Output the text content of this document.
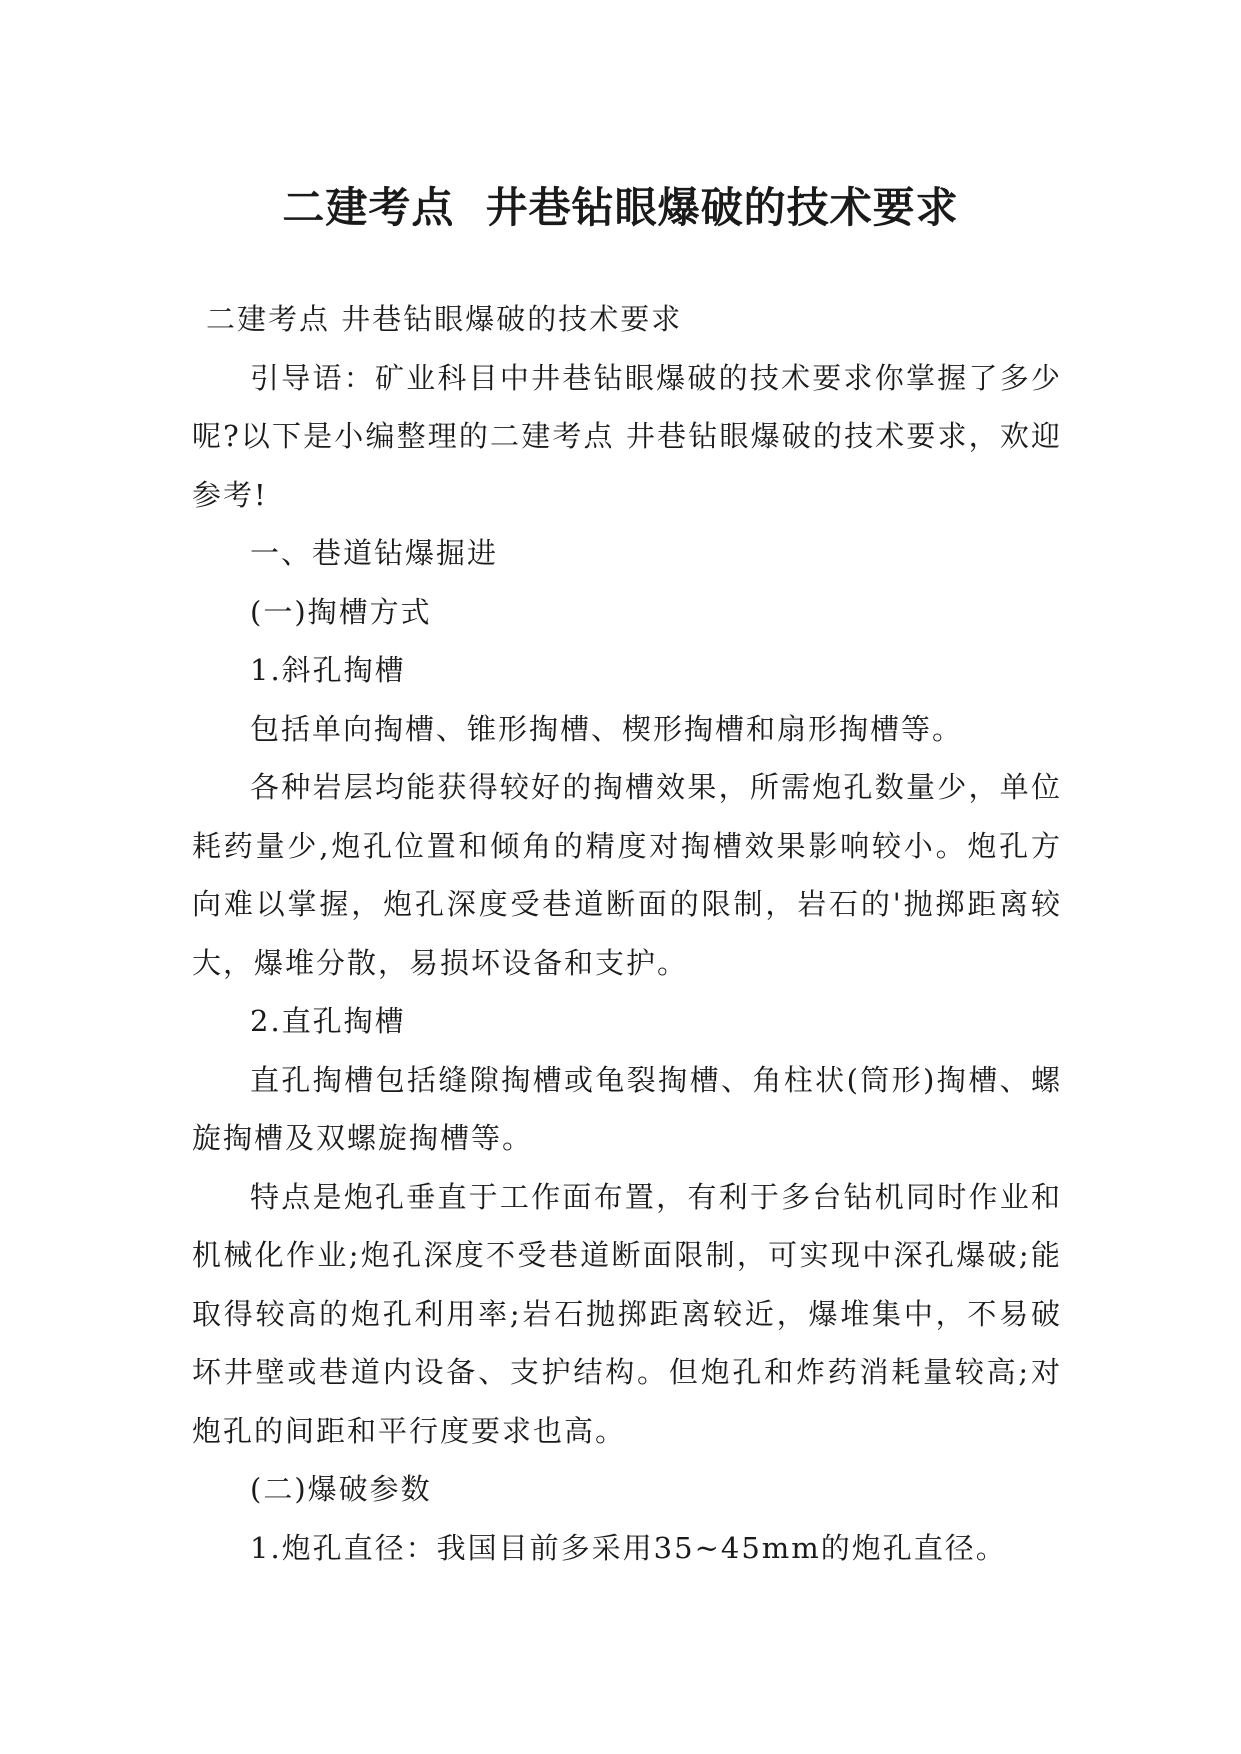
二建考点  井巷钻眼爆破的技术要求

二建考点 井巷钻眼爆破的技术要求

引导语：矿业科目中井巷钻眼爆破的技术要求你掌握了多少呢?以下是小编整理的二建考点 井巷钻眼爆破的技术要求，欢迎参考!

一、巷道钻爆掘进

(一)掏槽方式

1.斜孔掏槽

包括单向掏槽、锥形掏槽、楔形掏槽和扇形掏槽等。

各种岩层均能获得较好的掏槽效果，所需炮孔数量少，单位耗药量少,炮孔位置和倾角的精度对掏槽效果影响较小。炮孔方向难以掌握，炮孔深度受巷道断面的限制，岩石的'抛掷距离较大，爆堆分散，易损坏设备和支护。

2.直孔掏槽

直孔掏槽包括缝隙掏槽或龟裂掏槽、角柱状(筒形)掏槽、螺旋掏槽及双螺旋掏槽等。

特点是炮孔垂直于工作面布置，有利于多台钻机同时作业和机械化作业;炮孔深度不受巷道断面限制，可实现中深孔爆破;能取得较高的炮孔利用率;岩石抛掷距离较近，爆堆集中，不易破坏井壁或巷道内设备、支护结构。但炮孔和炸药消耗量较高;对炮孔的间距和平行度要求也高。

(二)爆破参数

1.炮孔直径：我国目前多采用35~45mm的炮孔直径。
